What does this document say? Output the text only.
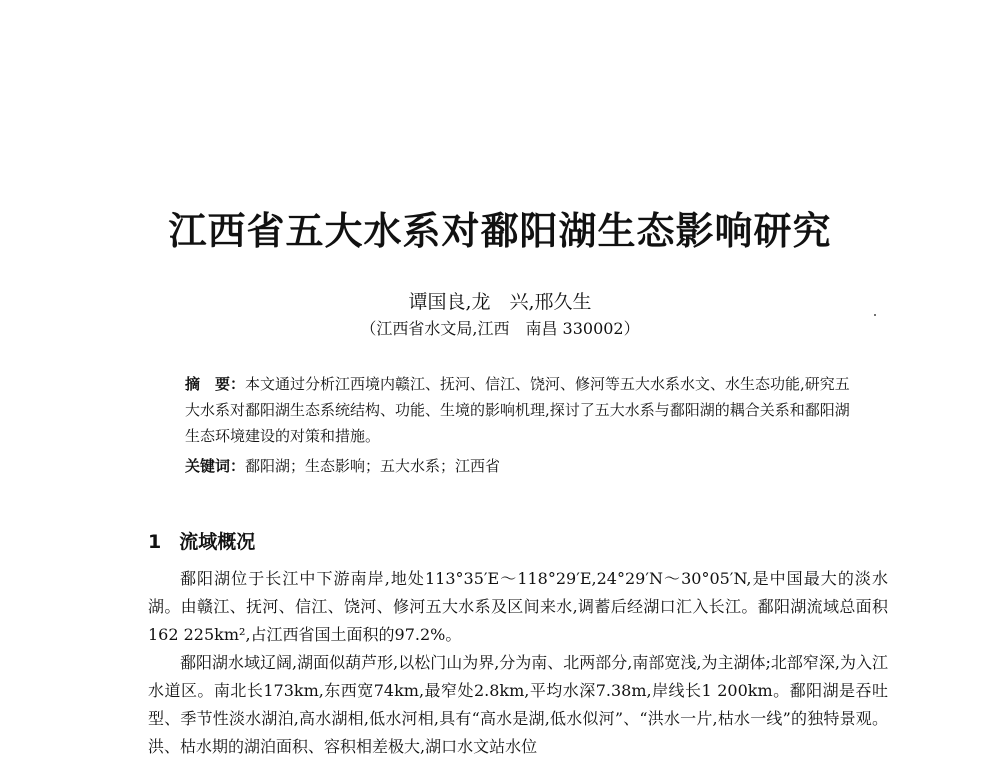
江西省五大水系对鄱阳湖生态影响研究
谭国良,龙　兴,邢久生
（江西省水文局,江西　南昌 330002）
摘　要：本文通过分析江西境内赣江、抚河、信江、饶河、修河等五大水系水文、水生态功能,研究五大水系对鄱阳湖生态系统结构、功能、生境的影响机理,探讨了五大水系与鄱阳湖的耦合关系和鄱阳湖生态环境建设的对策和措施。
关键词：鄱阳湖；生态影响；五大水系；江西省
1 流域概况

鄱阳湖位于长江中下游南岸,地处113°35′E～118°29′E,24°29′N～30°05′N,是中国最大的淡水湖。由赣江、抚河、信江、饶河、修河五大水系及区间来水,调蓄后经湖口汇入长江。鄱阳湖流域总面积162 225km²,占江西省国土面积的97.2%。

鄱阳湖水域辽阔,湖面似葫芦形,以松门山为界,分为南、北两部分,南部宽浅,为主湖体;北部窄深,为入江水道区。南北长173km,东西宽74km,最窄处2.8km,平均水深7.38m,岸线长1 200km。鄱阳湖是吞吐型、季节性淡水湖泊,高水湖相,低水河相,具有“高水是湖,低水似河”、“洪水一片,枯水一线”的独特景观。洪、枯水期的湖泊面积、容积相差极大,湖口水文站水位
